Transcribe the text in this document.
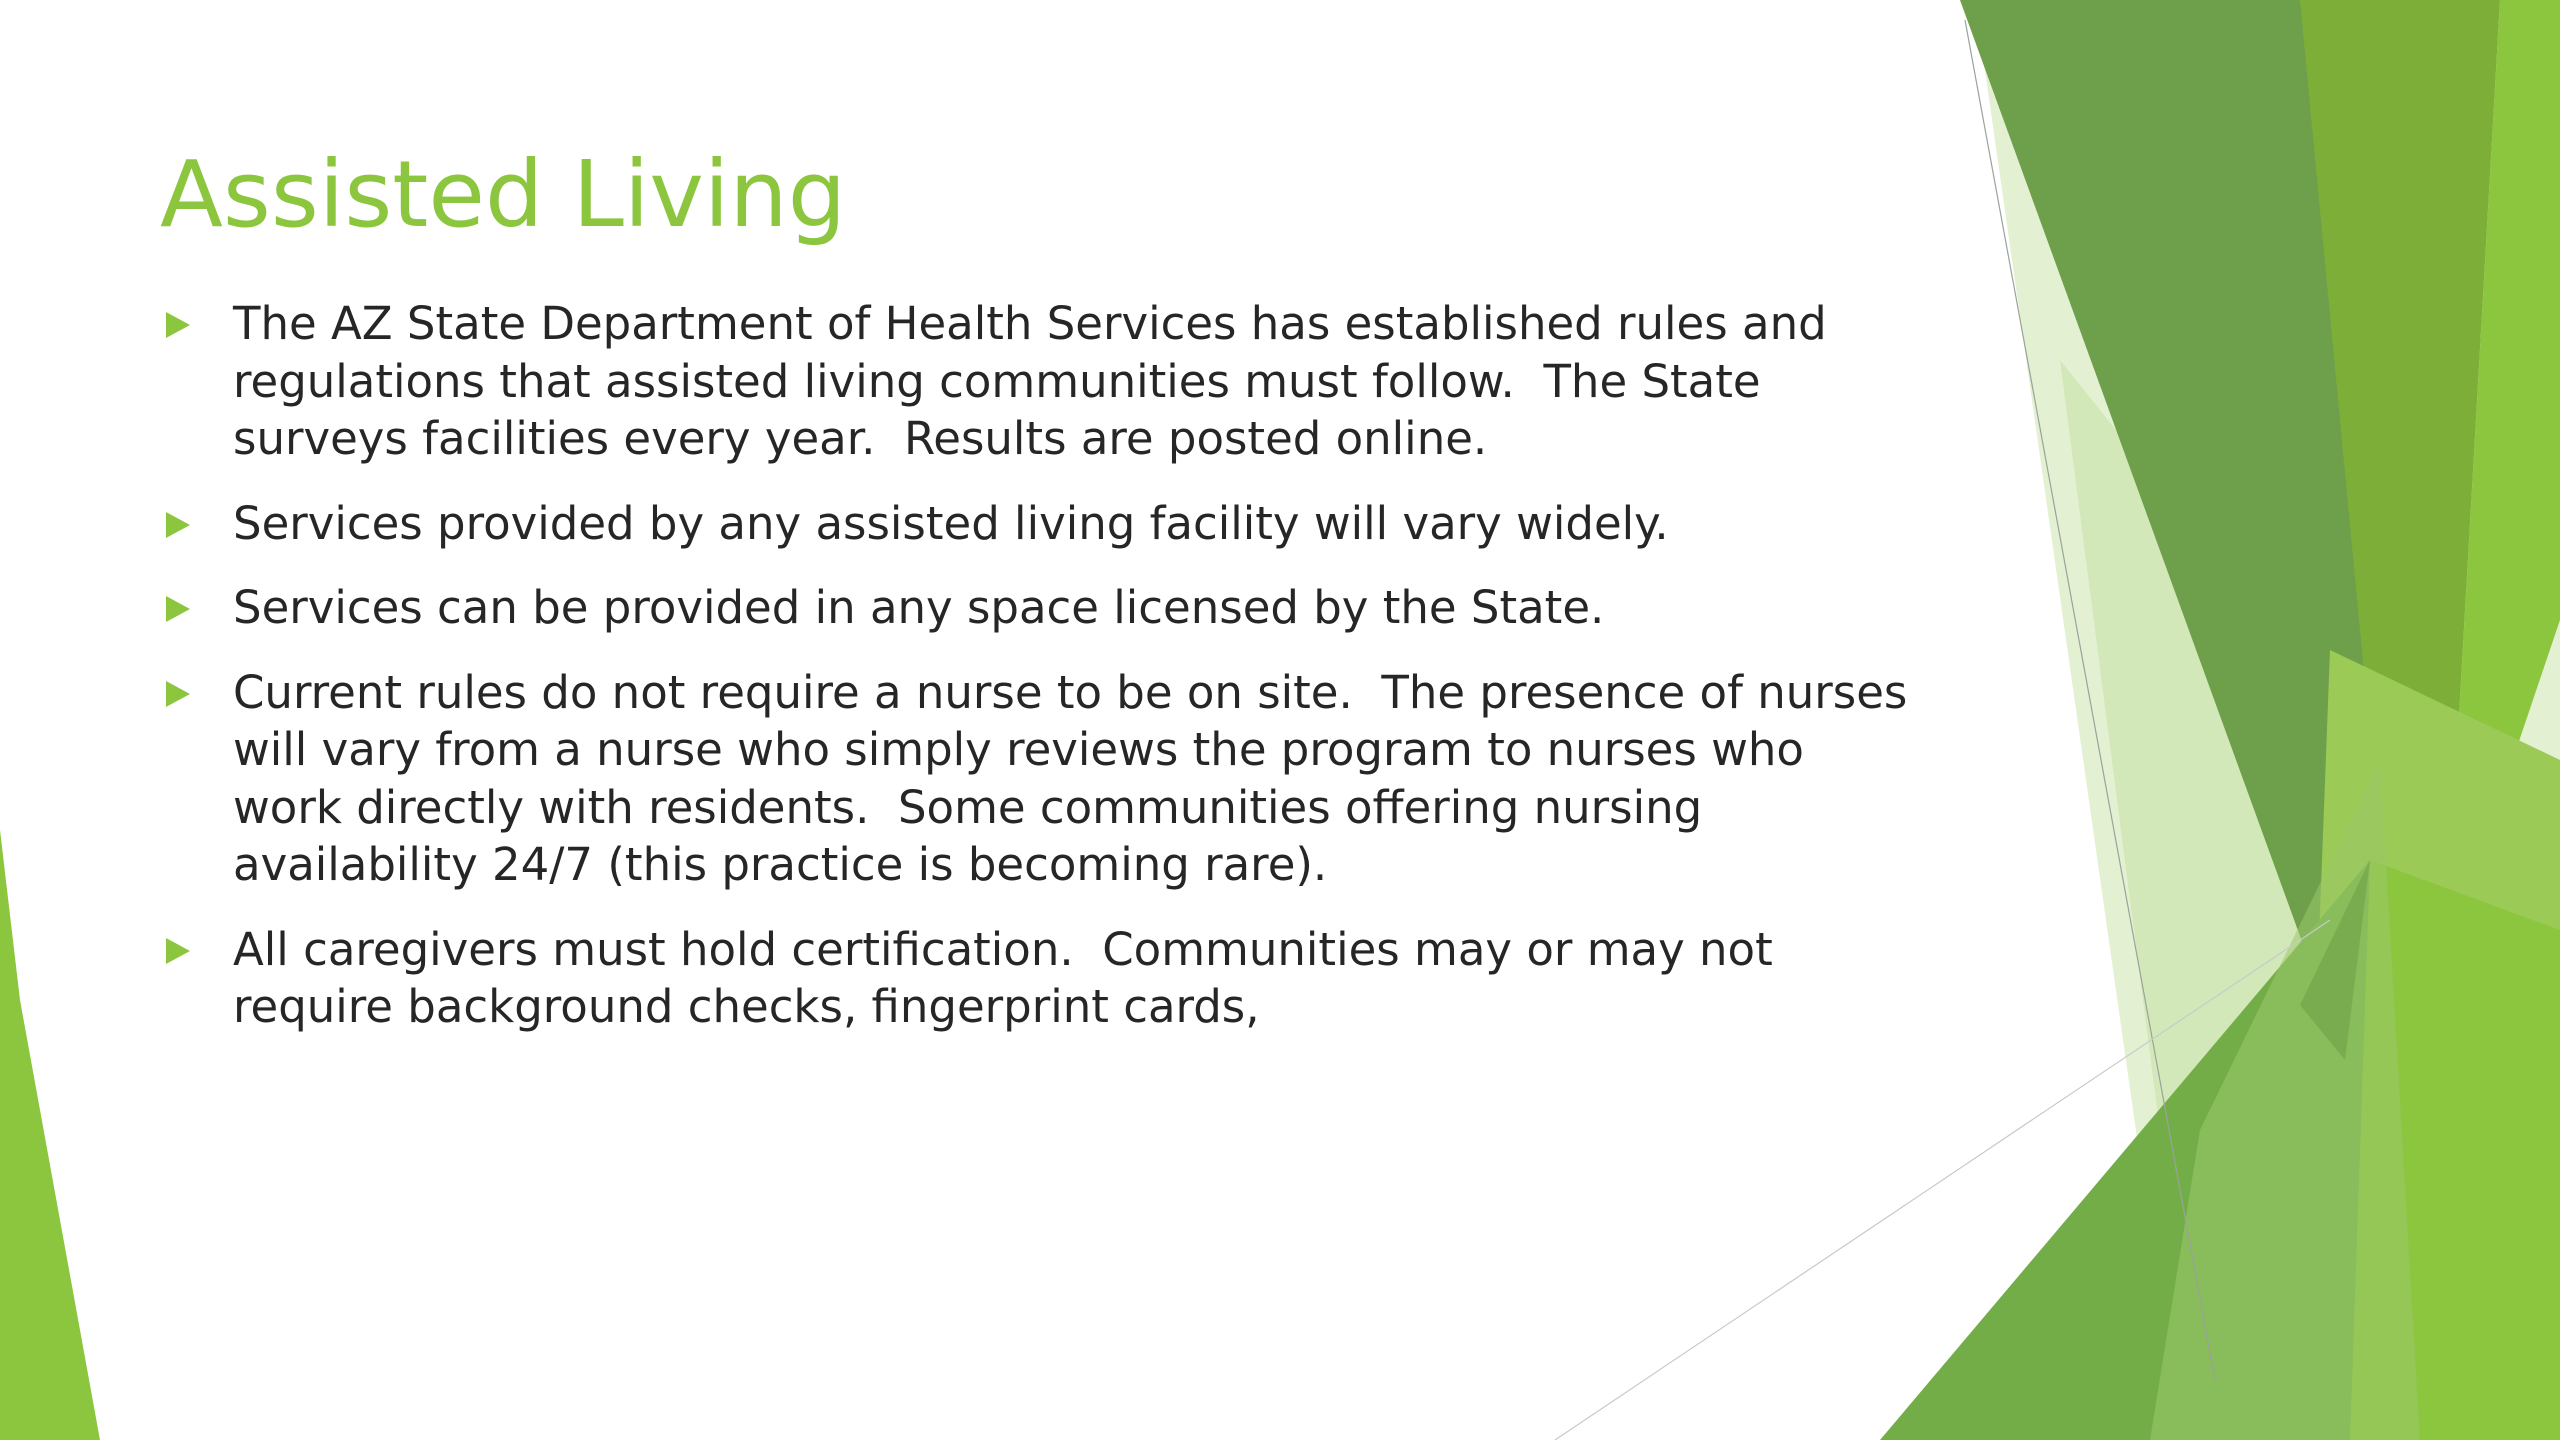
Assisted Living
The AZ State Department of Health Services has established rules and regulations that assisted living communities must follow.  The State surveys facilities every year.  Results are posted online.
Services provided by any assisted living facility will vary widely.
Services can be provided in any space licensed by the State.
Current rules do not require a nurse to be on site.  The presence of nurses will vary from a nurse who simply reviews the program to nurses who work directly with residents.  Some communities offering nursing availability 24/7 (this practice is becoming rare).
All caregivers must hold certification.  Communities may or may not require background checks, fingerprint cards,
